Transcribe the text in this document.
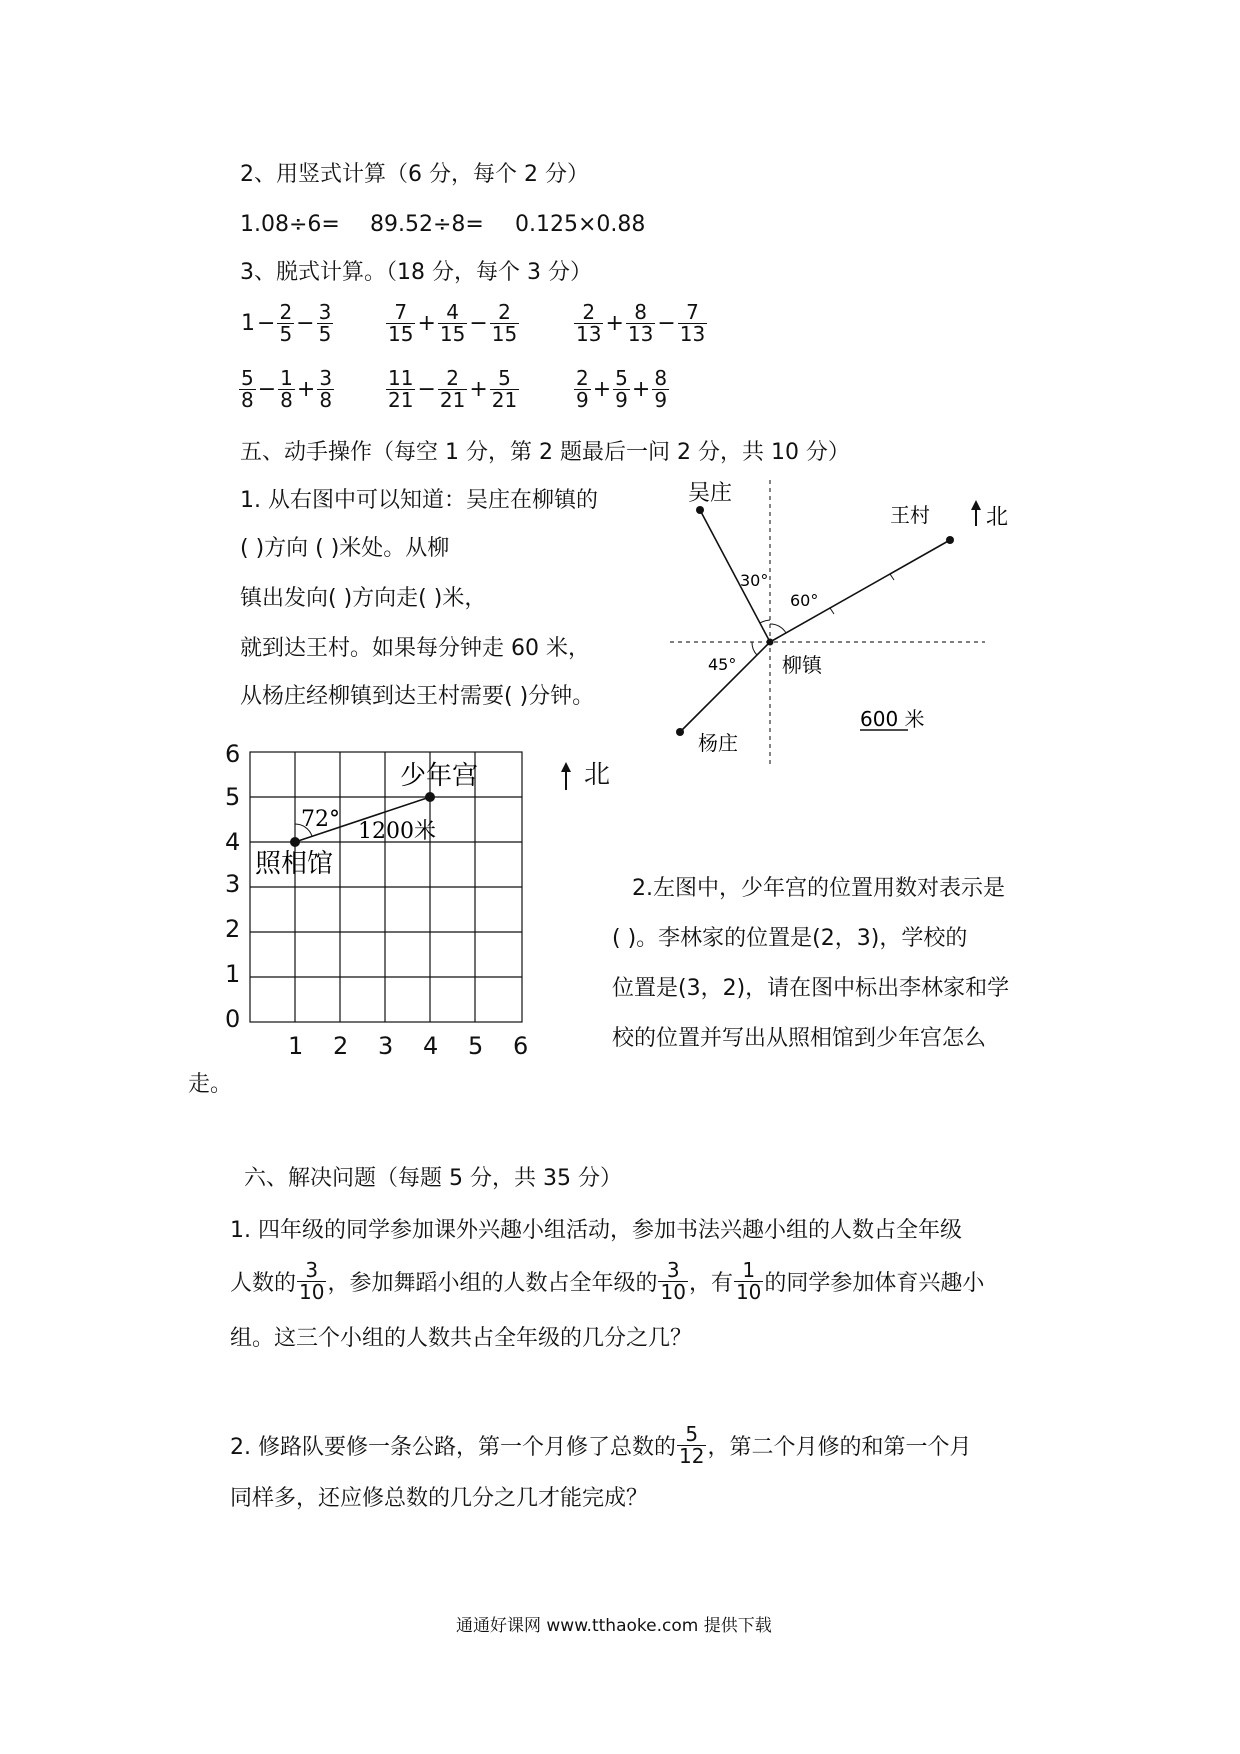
2、用竖式计算（6 分，每个 2 分）
1.08÷6= 89.52÷8= 0.125×0.88
3、脱式计算。（18 分，每个 3 分）
$1 - \frac{2}{5} - \frac{3}{5}$	$\frac{7}{15} + \frac{4}{15} - \frac{2}{15}$	$\frac{2}{13} + \frac{8}{13} - \frac{7}{13}$
$\frac{5}{8} - \frac{1}{8} + \frac{3}{8}$	$\frac{11}{21} - \frac{2}{21} + \frac{5}{21}$	$\frac{2}{9} + \frac{5}{9} + \frac{8}{9}$
五、动手操作（每空 1 分，第 2 题最后一问 2 分，共 10 分）
1. 从右图中可以知道：吴庄在柳镇的
( )方向 ( )米处。从柳
镇出发向( )方向走( )米，
就到达王村。如果每分钟走 60 米，
从杨庄经柳镇到达王村需要( )分钟。
吴庄
王村
柳镇
杨庄
30°
60°
45°
600 米
北
6
5
4
3
2
1
0
1 2 3 4 5 6
少年宫
照相馆
72° 1200米
北
2.左图中，少年宫的位置用数对表示是
( )。李林家的位置是(2，3)，学校的
位置是(3，2)，请在图中标出李林家和学
校的位置并写出从照相馆到少年宫怎么
走。
六、解决问题（每题 5 分，共 35 分）
1. 四年级的同学参加课外兴趣小组活动，参加书法兴趣小组的人数占全年级
人数的 $\frac{3}{10}$ ，参加舞蹈小组的人数占全年级的 $\frac{3}{10}$ ，有 $\frac{1}{10}$ 的同学参加体育兴趣小
组。这三个小组的人数共占全年级的几分之几？
2. 修路队要修一条公路，第一个月修了总数的 $\frac{5}{12}$ ，第二个月修的和第一个月
同样多，还应修总数的几分之几才能完成？
通通好课网 www.tthaoke.com 提供下载
